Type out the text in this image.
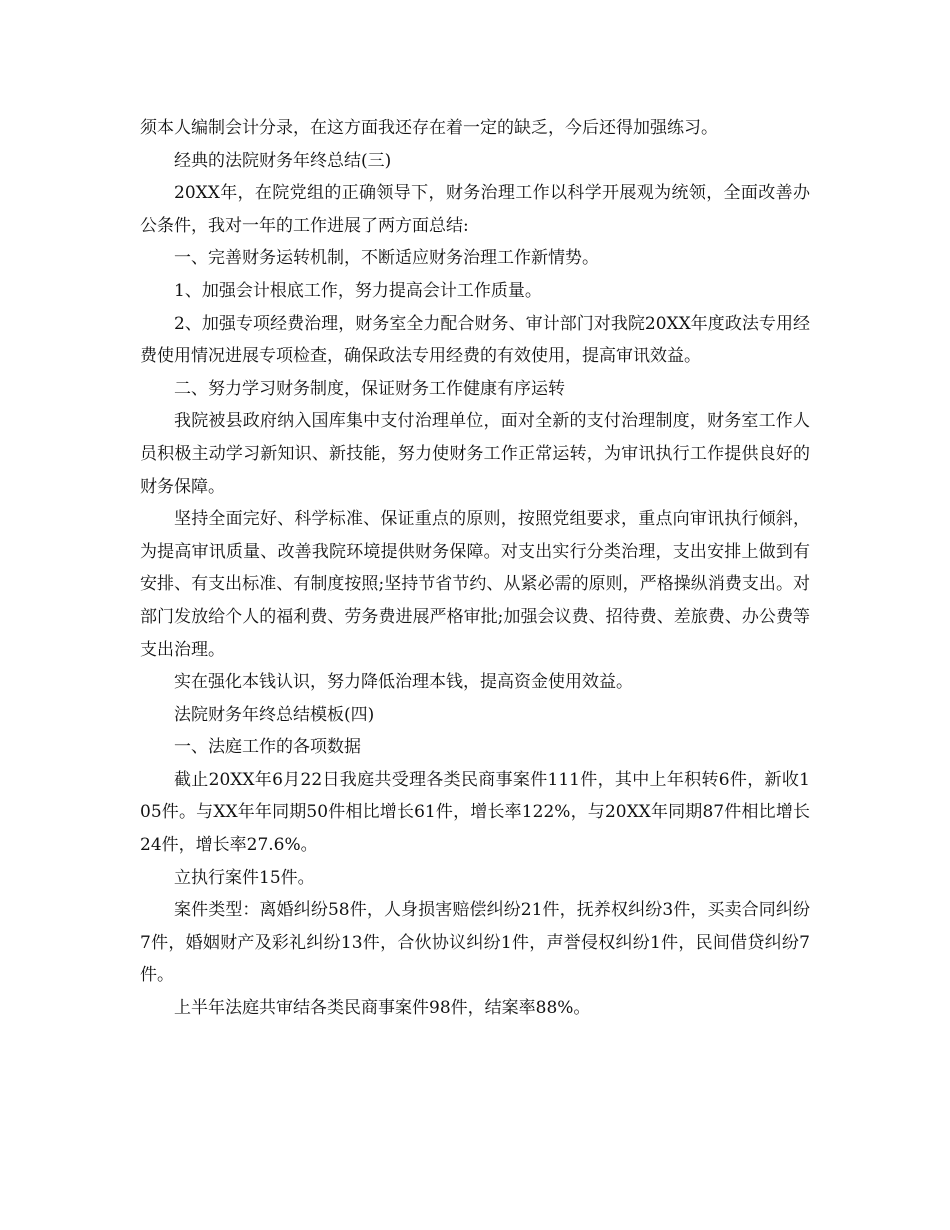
须本人编制会计分录，在这方面我还存在着一定的缺乏，今后还得加强练习。

经典的法院财务年终总结(三)

20XX年，在院党组的正确领导下，财务治理工作以科学开展观为统领，全面改善办公条件，我对一年的工作进展了两方面总结:

一、完善财务运转机制，不断适应财务治理工作新情势。

1、加强会计根底工作，努力提高会计工作质量。

2、加强专项经费治理，财务室全力配合财务、审计部门对我院20XX年度政法专用经费使用情况进展专项检查，确保政法专用经费的有效使用，提高审讯效益。

二、努力学习财务制度，保证财务工作健康有序运转

我院被县政府纳入国库集中支付治理单位，面对全新的支付治理制度，财务室工作人员积极主动学习新知识、新技能，努力使财务工作正常运转，为审讯执行工作提供良好的财务保障。

坚持全面完好、科学标准、保证重点的原则，按照党组要求，重点向审讯执行倾斜，为提高审讯质量、改善我院环境提供财务保障。对支出实行分类治理，支出安排上做到有安排、有支出标准、有制度按照;坚持节省节约、从紧必需的原则，严格操纵消费支出。对部门发放给个人的福利费、劳务费进展严格审批;加强会议费、招待费、差旅费、办公费等支出治理。

实在强化本钱认识，努力降低治理本钱，提高资金使用效益。

法院财务年终总结模板(四)

一、法庭工作的各项数据

截止20XX年6月22日我庭共受理各类民商事案件111件，其中上年积转6件，新收105件。与XX年年同期50件相比增长61件，增长率122%，与20XX年同期87件相比增长24件，增长率27.6%。

立执行案件15件。

案件类型：离婚纠纷58件，人身损害赔偿纠纷21件，抚养权纠纷3件，买卖合同纠纷7件，婚姻财产及彩礼纠纷13件，合伙协议纠纷1件，声誉侵权纠纷1件，民间借贷纠纷7件。

上半年法庭共审结各类民商事案件98件，结案率88%。
